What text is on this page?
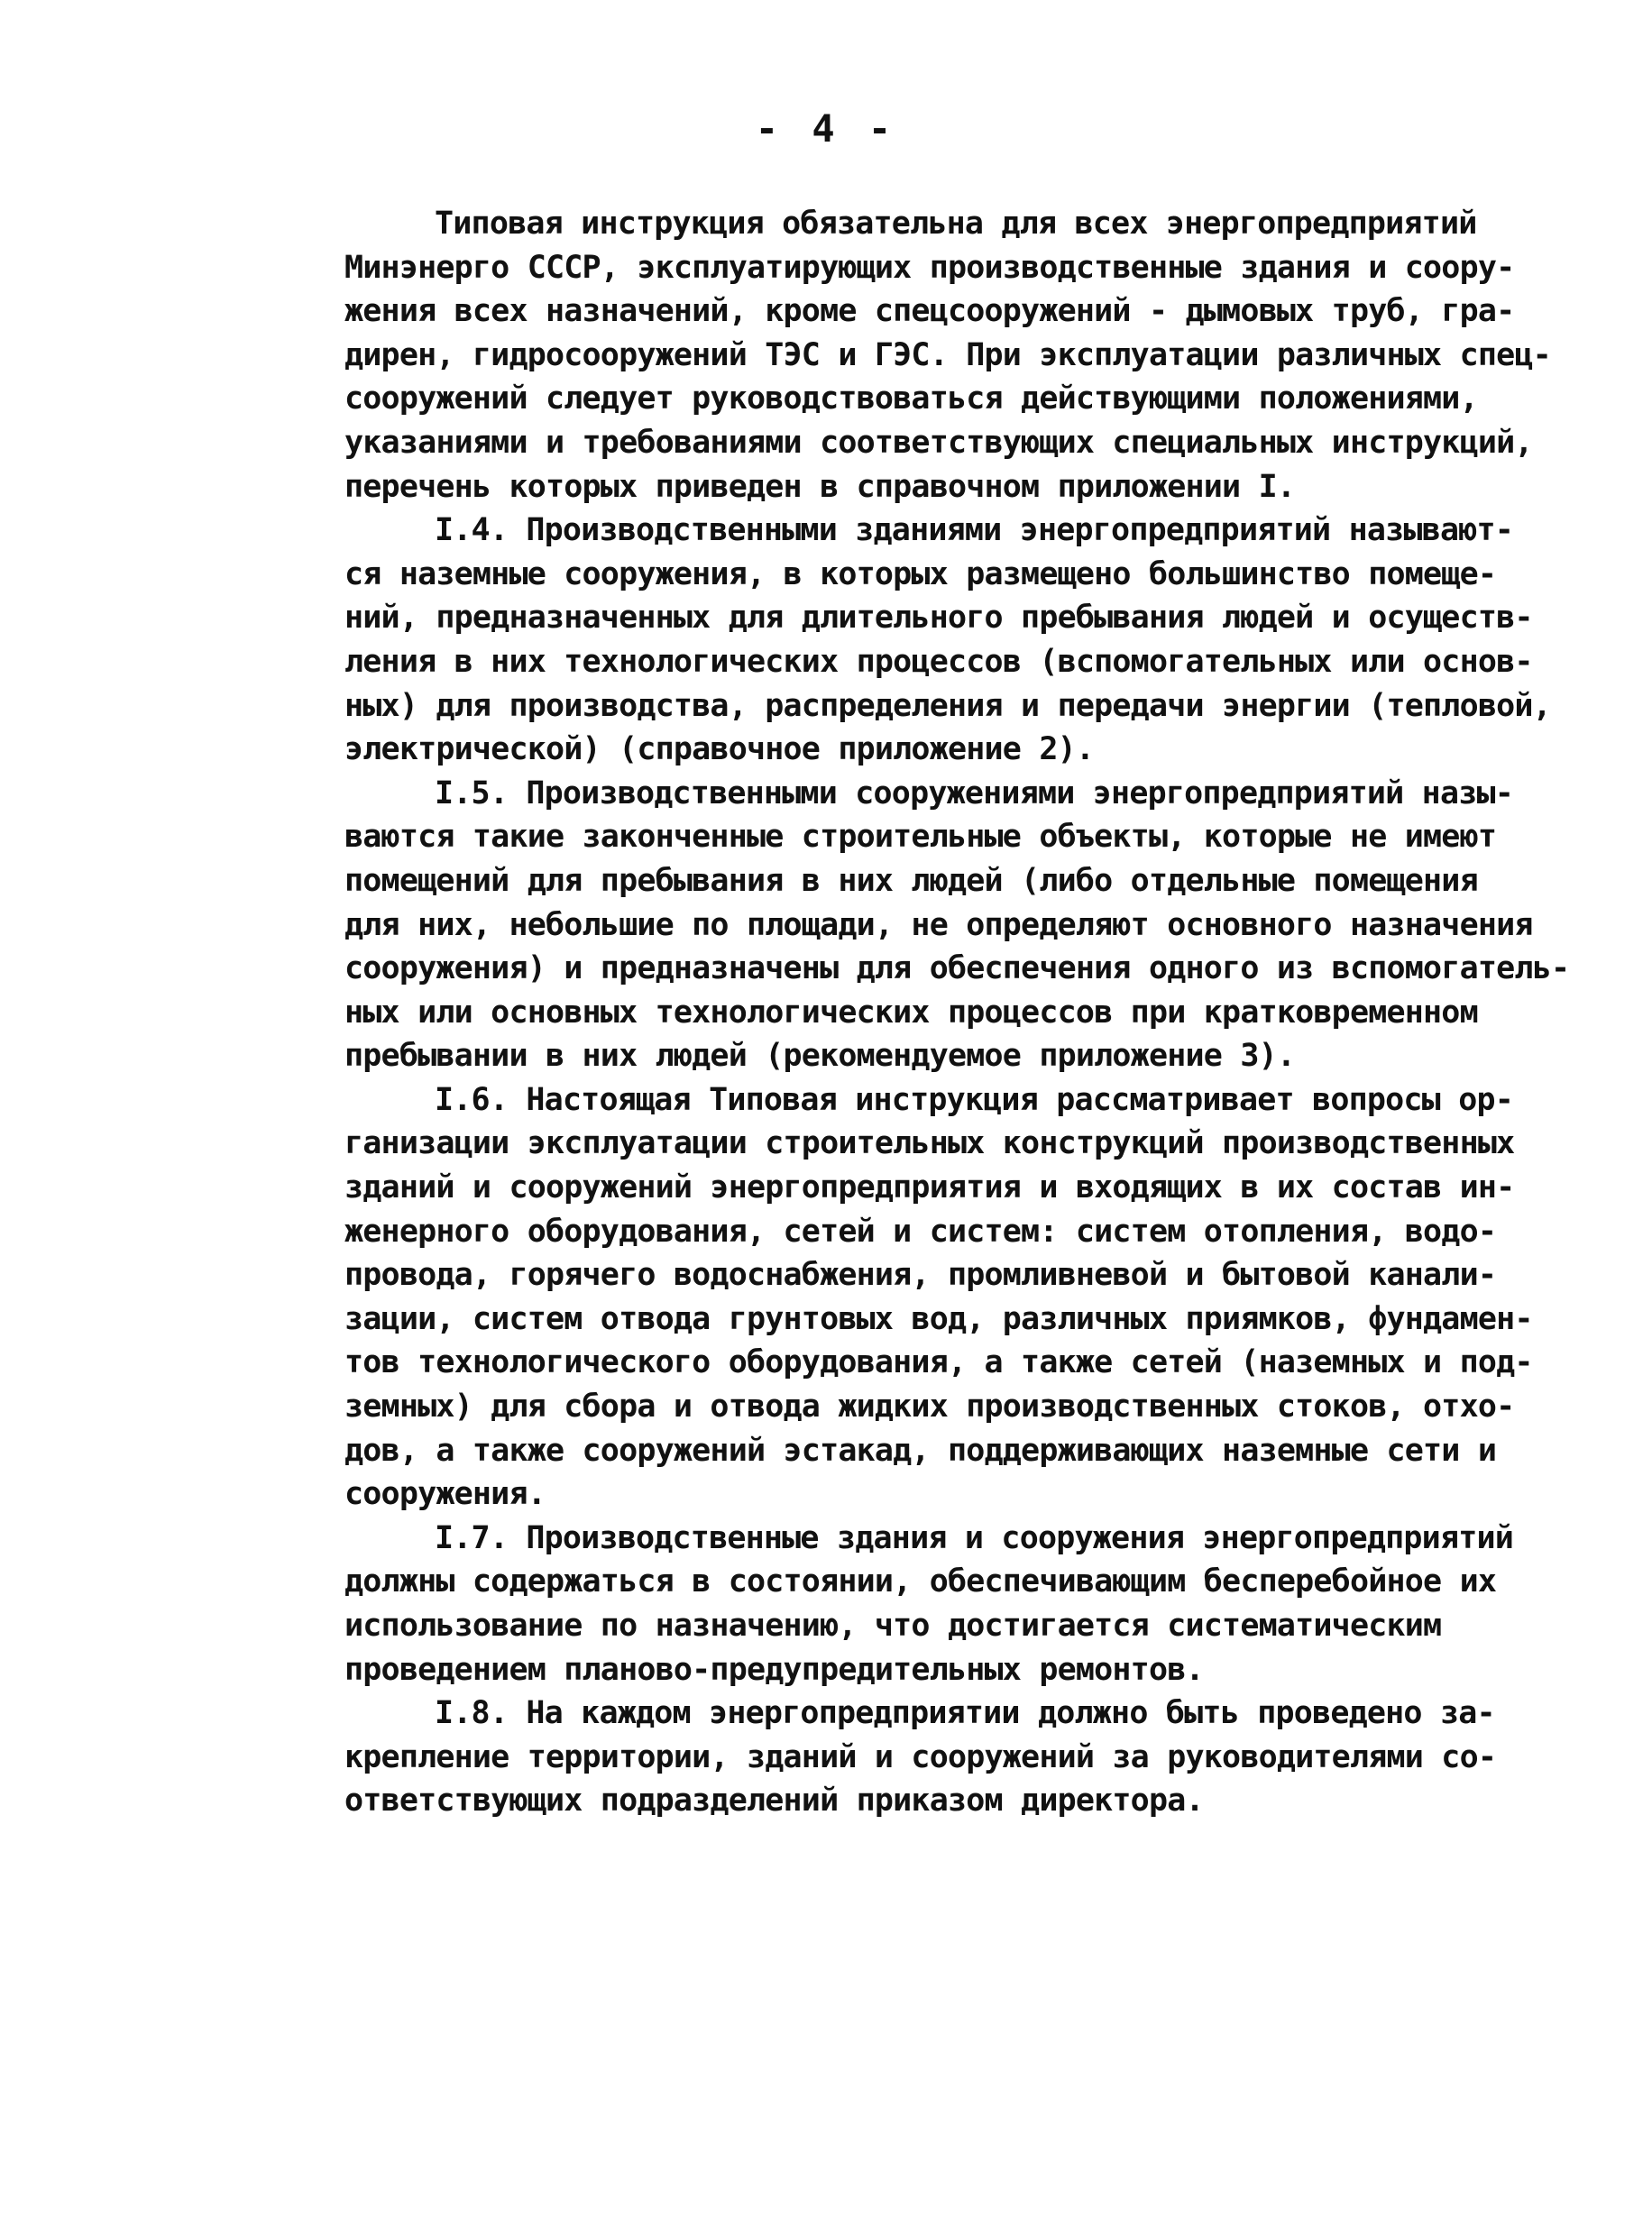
- 4 -
Типовая инструкция обязательна для всех энергопредприятий
Минэнерго СССР, эксплуатирующих производственные здания и соору-
жения всех назначений, кроме спецсооружений - дымовых труб, гра-
дирен, гидросооружений ТЭС и ГЭС. При эксплуатации различных спец-
сооружений следует руководствоваться действующими положениями,
указаниями и требованиями соответствующих специальных инструкций,
перечень которых приведен в справочном приложении I.
I.4. Производственными зданиями энергопредприятий называют-
ся наземные сооружения, в которых размещено большинство помеще-
ний, предназначенных для длительного пребывания людей и осуществ-
ления в них технологических процессов (вспомогательных или основ-
ных) для производства, распределения и передачи энергии (тепловой,
электрической) (справочное приложение 2).
I.5. Производственными сооружениями энергопредприятий назы-
ваются такие законченные строительные объекты, которые не имеют
помещений для пребывания в них людей (либо отдельные помещения
для них, небольшие по площади, не определяют основного назначения
сооружения) и предназначены для обеспечения одного из вспомогатель-
ных или основных технологических процессов при кратковременном
пребывании в них людей (рекомендуемое приложение 3).
I.6. Настоящая Типовая инструкция рассматривает вопросы ор-
ганизации эксплуатации строительных конструкций производственных
зданий и сооружений энергопредприятия и входящих в их состав ин-
женерного оборудования, сетей и систем: систем отопления, водо-
провода, горячего водоснабжения, промливневой и бытовой канали-
зации, систем отвода грунтовых вод, различных приямков, фундамен-
тов технологического оборудования, а также сетей (наземных и под-
земных) для сбора и отвода жидких производственных стоков, отхо-
дов, а также сооружений эстакад, поддерживающих наземные сети и
сооружения.
I.7. Производственные здания и сооружения энергопредприятий
должны содержаться в состоянии, обеспечивающим бесперебойное их
использование по назначению, что достигается систематическим
проведением планово-предупредительных ремонтов.
I.8. На каждом энергопредприятии должно быть проведено за-
крепление территории, зданий и сооружений за руководителями со-
ответствующих подразделений приказом директора.
